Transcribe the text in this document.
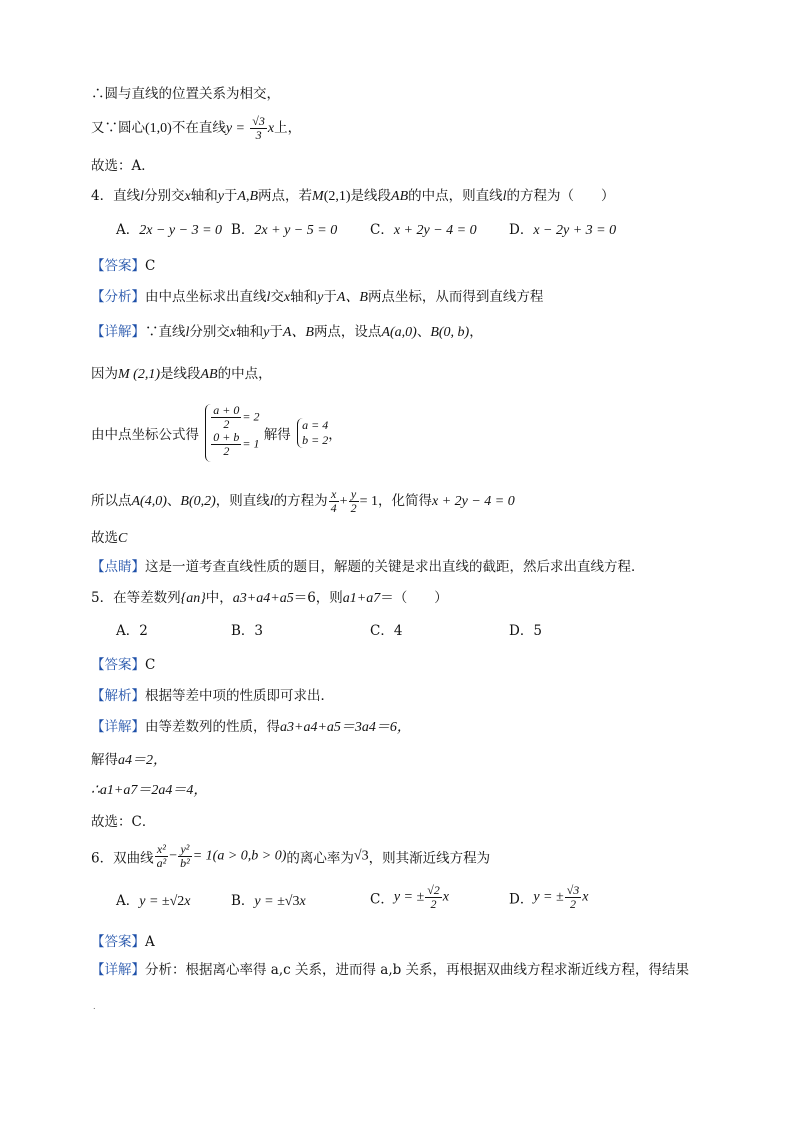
∴圆与直线的位置关系为相交，
又∵圆心(1,0)不在直线$y = \frac{√3}{3}$ x上，
故选：A．
4．直线l分别交x轴和y于A,B两点，若M(2,1)是线段AB的中点，则直线l的方程为（　　）
A．2x − y − 3 = 0 B．2x + y − 5 = 0 C．x + 2y − 4 = 0 D．x − 2y + 3 = 0
【答案】C
【分析】由中点坐标求出直线l交x轴和y于A、B两点坐标，从而得到直线方程
【详解】∵直线l分别交x轴和y于A、B两点，设点A(a,0)、B(0, b)，
因为M (2,1)是线段AB的中点，
由中点坐标公式得
$\frac{a + 0}{2} = 2$
$\frac{0 + b}{2} = 1$
解得
a = 4
b = 2 ，
所以点A(4,0)、B(0,2)，则直线l的方程为 $\frac{x}{4} + \frac{y}{2} = 1$，化简得x + 2y − 4 = 0
故选C
【点睛】这是一道考查直线性质的题目，解题的关键是求出直线的截距，然后求出直线方程．
5．在等差数列{an}中，a3+a4+a5＝6，则a1+a7＝（　　）
A．2	B．3	C．4	D．5
【答案】C
【解析】根据等差中项的性质即可求出．
【详解】由等差数列的性质，得a3+a4+a5＝3a4＝6，
解得a4＝2，
∴a1+a7＝2a4＝4，
故选：C．
6．双曲线 $\frac{\text{x²}}{\text{a²}} - \frac{\text{y²}}{\text{b²}} = 1(a > 0,b > 0)$的离心率为√3，则其渐近线方程为
A．y = ±√2x	B．y = ±√3x	C．y = ± $\frac{√2}{2}$ x	D．y = ± $\frac{√3}{2}$ x
【答案】A
【详解】分析：根据离心率得 a,c 关系，进而得 a,b 关系，再根据双曲线方程求渐近线方程，得结果
.
